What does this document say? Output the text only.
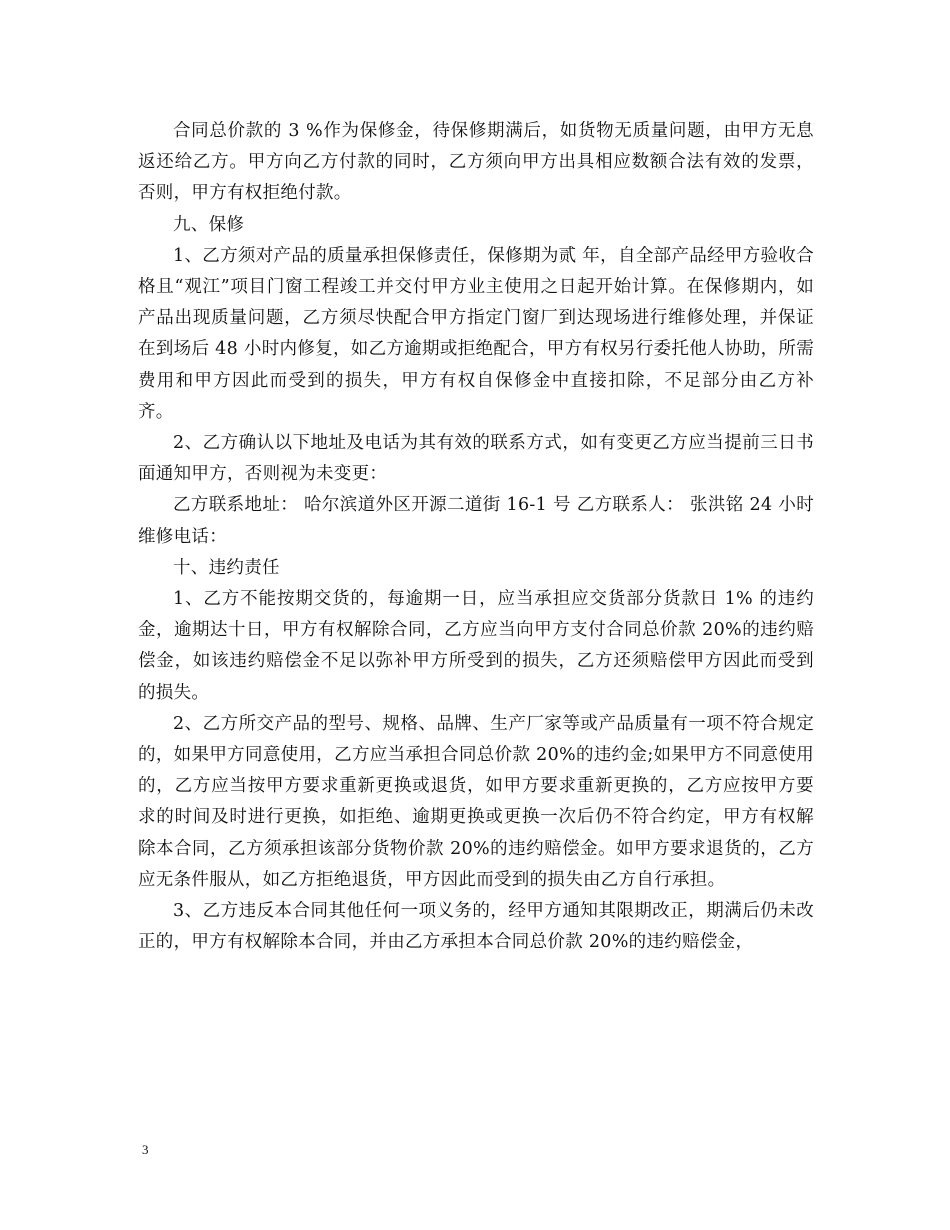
合同总价款的 3 %作为保修金，待保修期满后，如货物无质量问题，由甲方无息返还给乙方。甲方向乙方付款的同时，乙方须向甲方出具相应数额合法有效的发票，否则，甲方有权拒绝付款。

九、保修

1、乙方须对产品的质量承担保修责任，保修期为贰 年，自全部产品经甲方验收合格且“观江”项目门窗工程竣工并交付甲方业主使用之日起开始计算。在保修期内，如产品出现质量问题，乙方须尽快配合甲方指定门窗厂到达现场进行维修处理，并保证在到场后 48 小时内修复，如乙方逾期或拒绝配合，甲方有权另行委托他人协助，所需费用和甲方因此而受到的损失，甲方有权自保修金中直接扣除，不足部分由乙方补齐。

2、乙方确认以下地址及电话为其有效的联系方式，如有变更乙方应当提前三日书面通知甲方，否则视为未变更：

乙方联系地址： 哈尔滨道外区开源二道街 16-1 号 乙方联系人： 张洪铭 24 小时维修电话：

十、违约责任

1、乙方不能按期交货的，每逾期一日，应当承担应交货部分货款日 1% 的违约金，逾期达十日，甲方有权解除合同，乙方应当向甲方支付合同总价款 20%的违约赔偿金，如该违约赔偿金不足以弥补甲方所受到的损失，乙方还须赔偿甲方因此而受到的损失。

2、乙方所交产品的型号、规格、品牌、生产厂家等或产品质量有一项不符合规定的，如果甲方同意使用，乙方应当承担合同总价款 20%的违约金;如果甲方不同意使用的，乙方应当按甲方要求重新更换或退货，如甲方要求重新更换的，乙方应按甲方要求的时间及时进行更换，如拒绝、逾期更换或更换一次后仍不符合约定，甲方有权解除本合同，乙方须承担该部分货物价款 20%的违约赔偿金。如甲方要求退货的，乙方应无条件服从，如乙方拒绝退货，甲方因此而受到的损失由乙方自行承担。

3、乙方违反本合同其他任何一项义务的，经甲方通知其限期改正，期满后仍未改正的，甲方有权解除本合同，并由乙方承担本合同总价款 20%的违约赔偿金，

3
